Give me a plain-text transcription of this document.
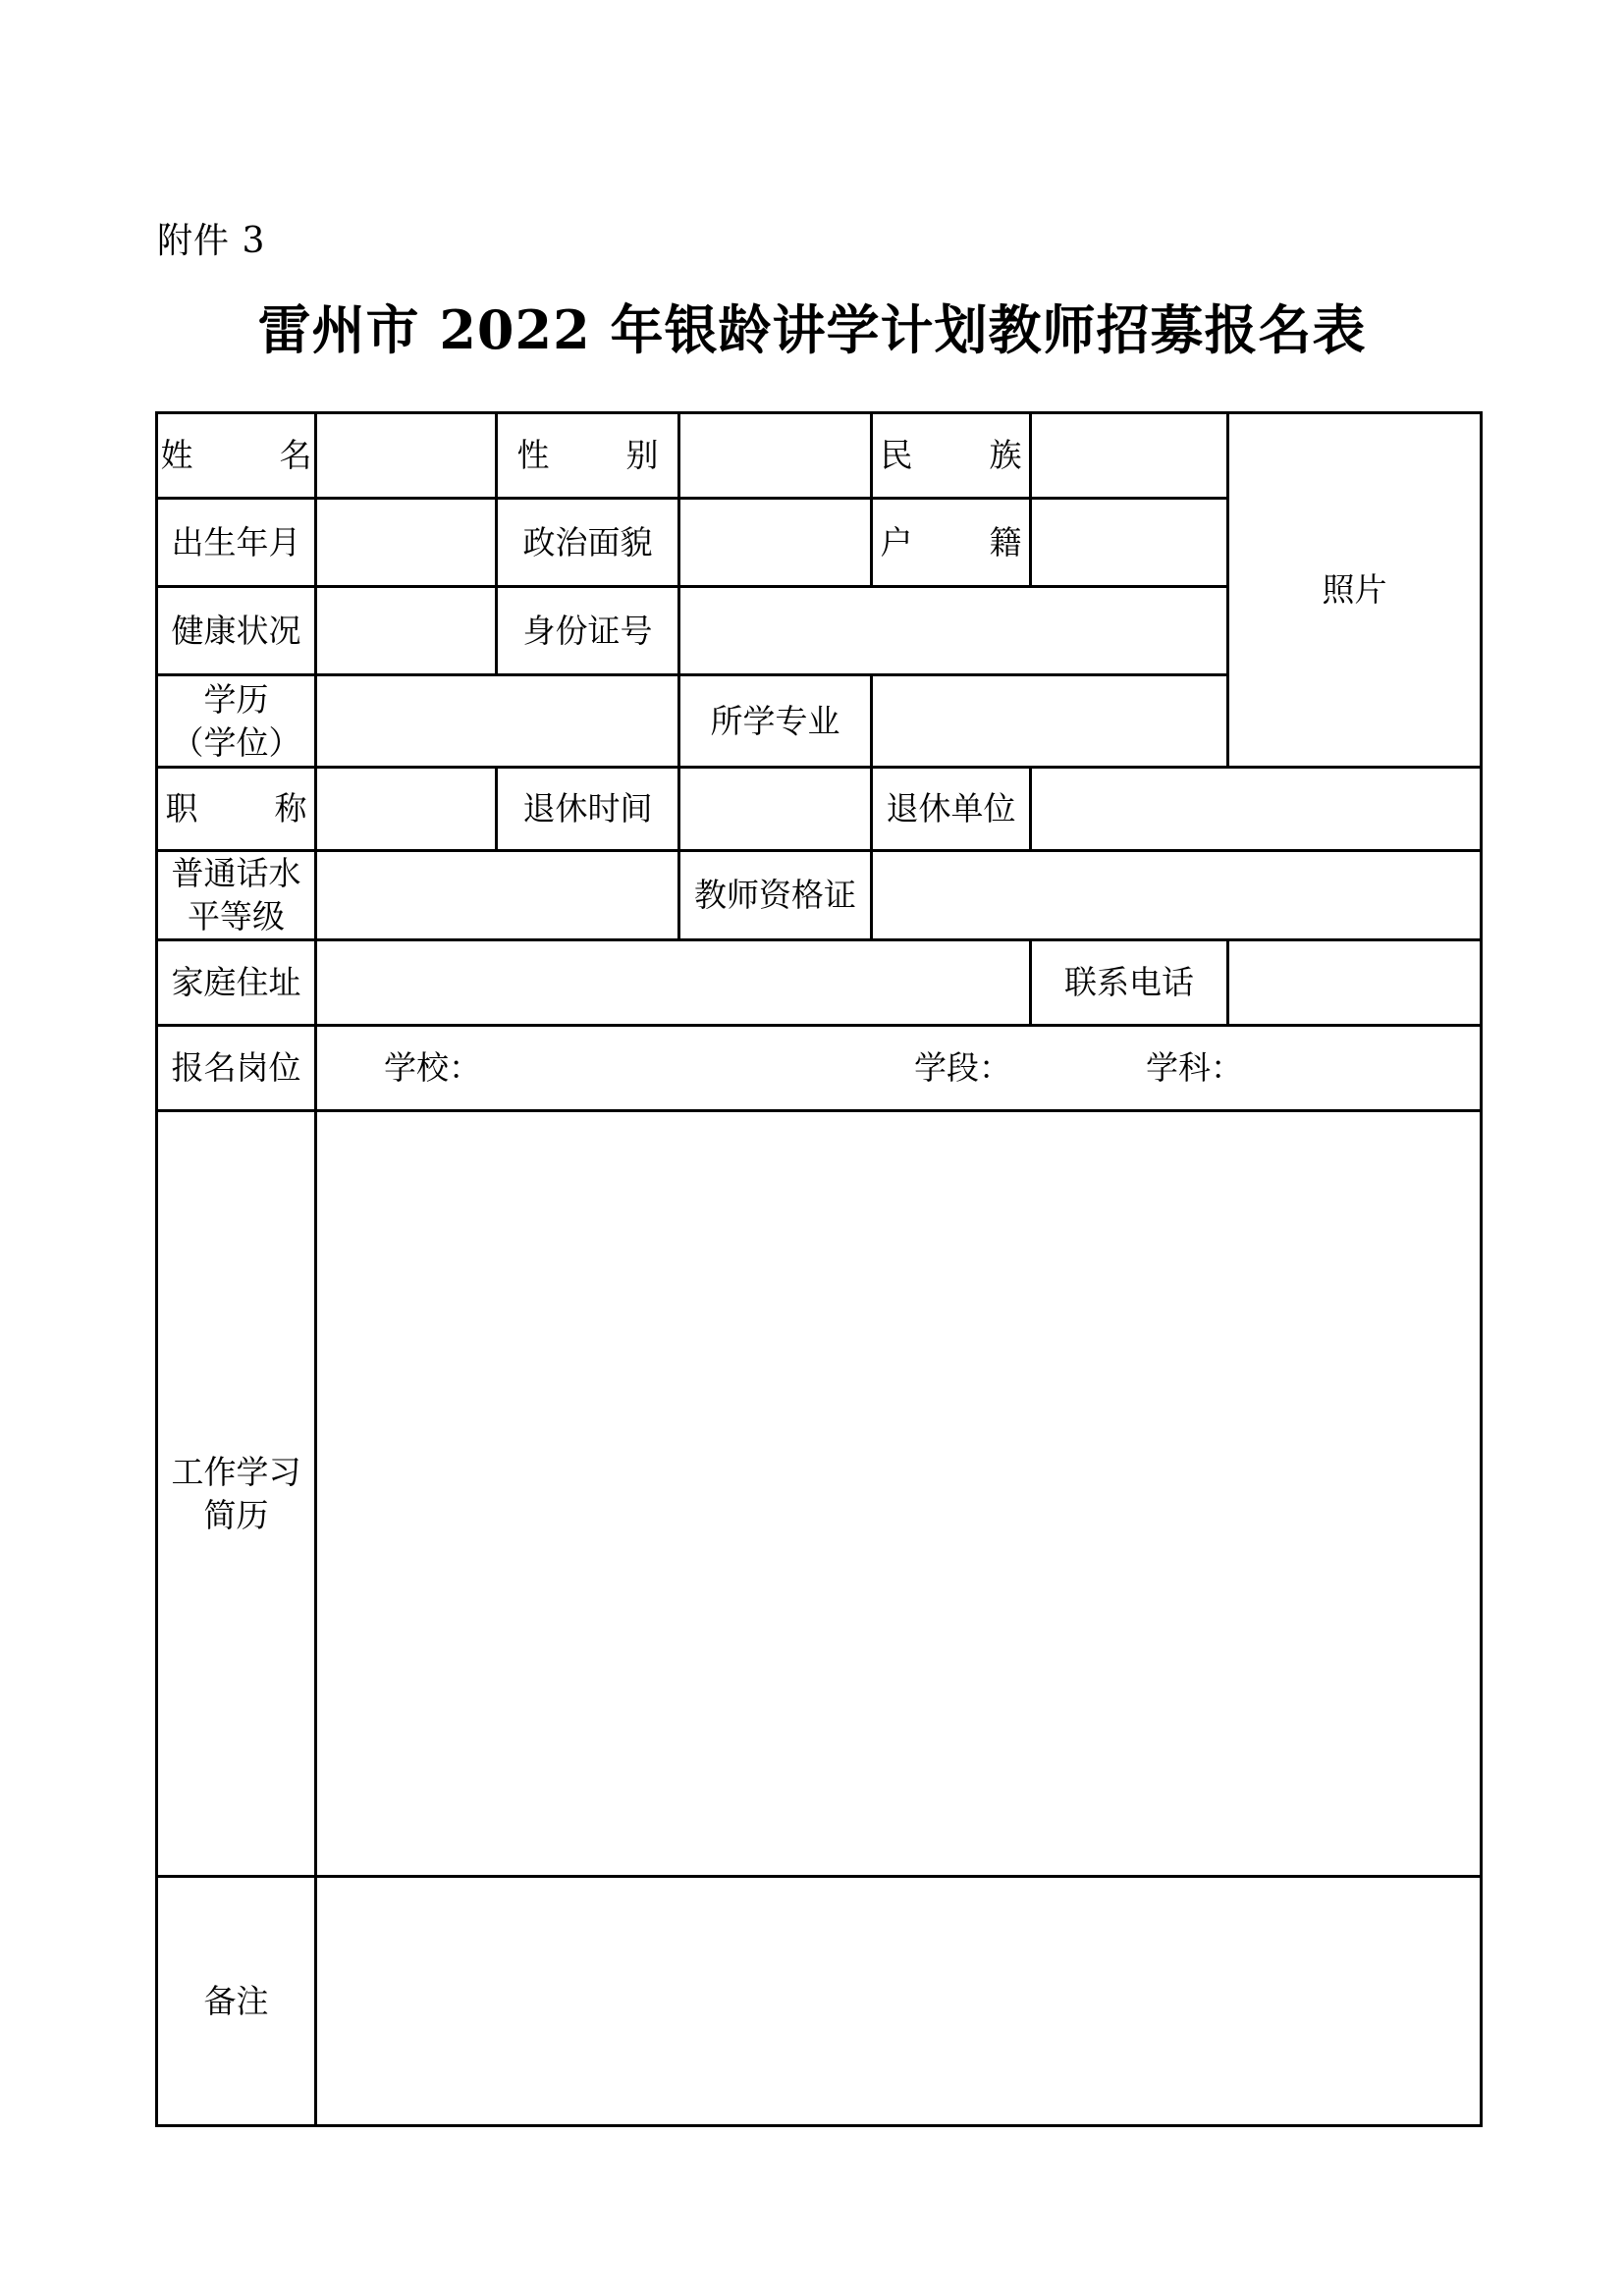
附件 3
雷州市 2022 年银龄讲学计划教师招募报名表
姓 名		性 别		民 族		照片
出生年月		政治面貌		户 籍		
健康状况		身份证号				

学历
（学位）			所学专业			
职 称		退休时间		退休单位		

普通话水
平等级			教师资格证			
家庭住址					联系电话	
报名岗位	学校： 学段： 学科：					

工作学习
简历						

备注						
